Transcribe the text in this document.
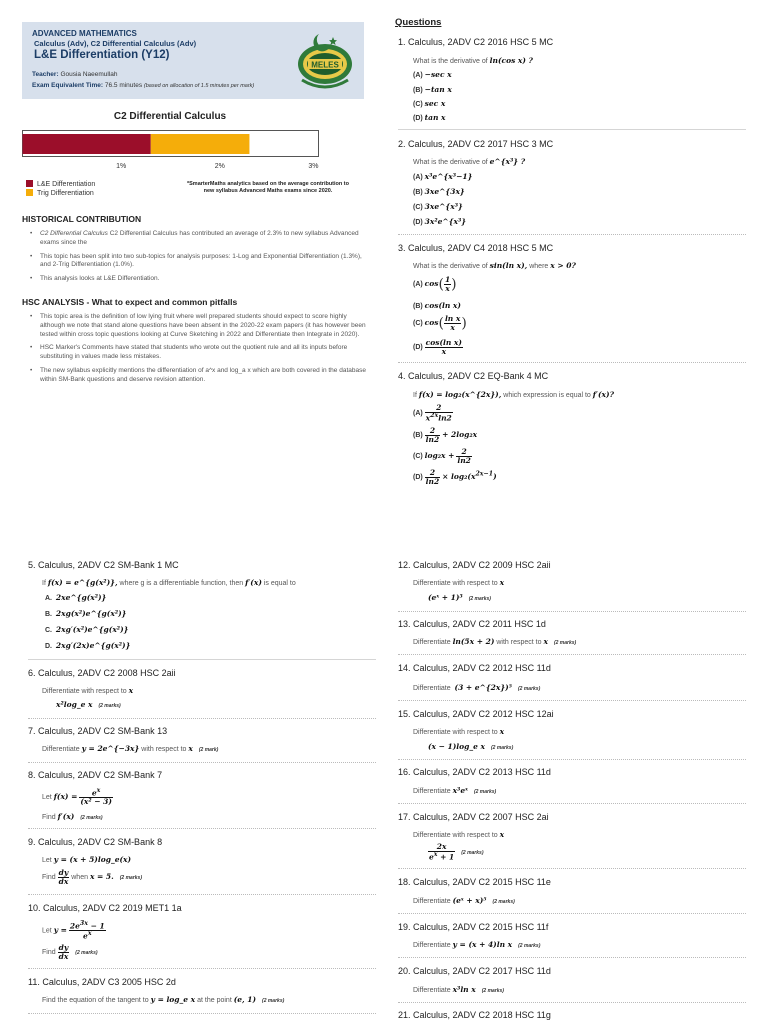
ADVANCED MATHEMATICS
Calculus (Adv), C2 Differential Calculus (Adv)
L&E Differentiation (Y12)
Teacher: Gousia Naeemullah
Exam Equivalent Time: 76.5 minutes (based on allocation of 1.5 minutes per mark)
MELES
C2 Differential Calculus
1%	2%	3%
L&E Differentiation
Trig Differentiation
*SmarterMaths analytics based on the average contribution to new syllabus Advanced Maths exams since 2020.
HISTORICAL CONTRIBUTION
• C2 Differential Calculus C2 Differential Calculus has contributed an average of 2.3% to new syllabus Advanced exams since the
• This topic has been split into two sub-topics for analysis purposes: 1-Log and Exponential Differentiation (1.3%), and 2-Trig Differentiation (1.0%).
• This analysis looks at L&E Differentiation.
HSC ANALYSIS - What to expect and common pitfalls
• This topic area is the definition of low lying fruit where well prepared students should expect to score highly although we note that stand alone questions have been absent in the 2020-22 exam papers (it has however been tested within cross topic questions looking at Curve Sketching in 2022 and Differentiate then Integrate in 2020).
• HSC Marker's Comments have stated that students who wrote out the quotient rule and all its inputs before substituting in values made less mistakes.
• The new syllabus explicitly mentions the differentiation of a^x and log_a x which are both covered in the database within SM-Bank questions and deserve revision attention.
Questions
1. Calculus, 2ADV C2 2016 HSC 5 MC
What is the derivative of ln(cos x) ?
(A) −sec x
(B) −tan x
(C) sec x
(D) tan x
2. Calculus, 2ADV C2 2017 HSC 3 MC
What is the derivative of e^{x³} ?
(A) x³e^{x³−1}
(B) 3xe^{3x}
(C) 3xe^{x³}
(D) 3x²e^{x³}
3. Calculus, 2ADV C4 2018 HSC 5 MC
What is the derivative of sin(ln x), where x > 0?
(A) $\cos( \frac{1}{x}$ )
(B) cos(ln x)
(C) $\cos( \frac{\text{ln x}}{x}$ )
$(D) \frac{\text{cos(ln x)}}{x}$
4. Calculus, 2ADV C2 EQ-Bank 4 MC
If f(x) = log₂(x^{2x}), which expression is equal to f′(x)?
$(A) \frac{2}{x^{2x}\ln 2}$
$(B) \frac{2}{\ln 2} + 2\log_2x$
(C) $\log_2x + \frac{2}{\ln 2}$
$(D) \frac{2}{\ln 2} \times \log_2(x^{2x-1})$
5. Calculus, 2ADV C2 SM-Bank 1 MC
If f(x) = e^{g(x²)}, where g is a differentiable function, then f′(x) is equal to
A. 2xe^{g(x²)}
B. 2xg(x²)e^{g(x²)}
C. 2xg′(x²)e^{g(x²)}
D. 2xg′(2x)e^{g(x²)}
6. Calculus, 2ADV C2 2008 HSC 2aii
Differentiate with respect to x
x²log_e x (2 marks)
7. Calculus, 2ADV C2 SM-Bank 13
Differentiate y = 2e^{−3x} with respect to x (2 mark)
8. Calculus, 2ADV C2 SM-Bank 7
Let $f(x) = \frac{e^x}{\text{(x² − 3)}}$
Find f′(x) (2 marks)
9. Calculus, 2ADV C2 SM-Bank 8
Let y = (x + 5)log_e(x)
Find $\frac{dy}{dx}$ when x = 5. (2 marks)
10. Calculus, 2ADV C2 2019 MET1 1a
Let $y = \frac{2e^{3x} - 1}{e^x}$
Find $\frac{dy}{dx} (2$ marks)
11. Calculus, 2ADV C3 2005 HSC 2d
Find the equation of the tangent to y = log_e x at the point (e, 1) (2 marks)
12. Calculus, 2ADV C2 2009 HSC 2aii
Differentiate with respect to x
(eˣ + 1)³ (2 marks)
13. Calculus, 2ADV C2 2011 HSC 1d
Differentiate ln(5x + 2) with respect to x (2 marks)
14. Calculus, 2ADV C2 2012 HSC 11d
Differentiate (3 + e^{2x})⁵ (2 marks)
15. Calculus, 2ADV C2 2012 HSC 12ai
Differentiate with respect to x
(x − 1)log_e x (2 marks)
16. Calculus, 2ADV C2 2013 HSC 11d
Differentiate x³eˣ (2 marks)
17. Calculus, 2ADV C2 2007 HSC 2ai
Differentiate with respect to x
$\frac{2x}{e^x + 1} (2$ marks)
18. Calculus, 2ADV C2 2015 HSC 11e
Differentiate (eˣ + x)⁵ (2 marks)
19. Calculus, 2ADV C2 2015 HSC 11f
Differentiate y = (x + 4)ln x (2 marks)
20. Calculus, 2ADV C2 2017 HSC 11d
Differentiate x³ln x (2 marks)
21. Calculus, 2ADV C2 2018 HSC 11g
